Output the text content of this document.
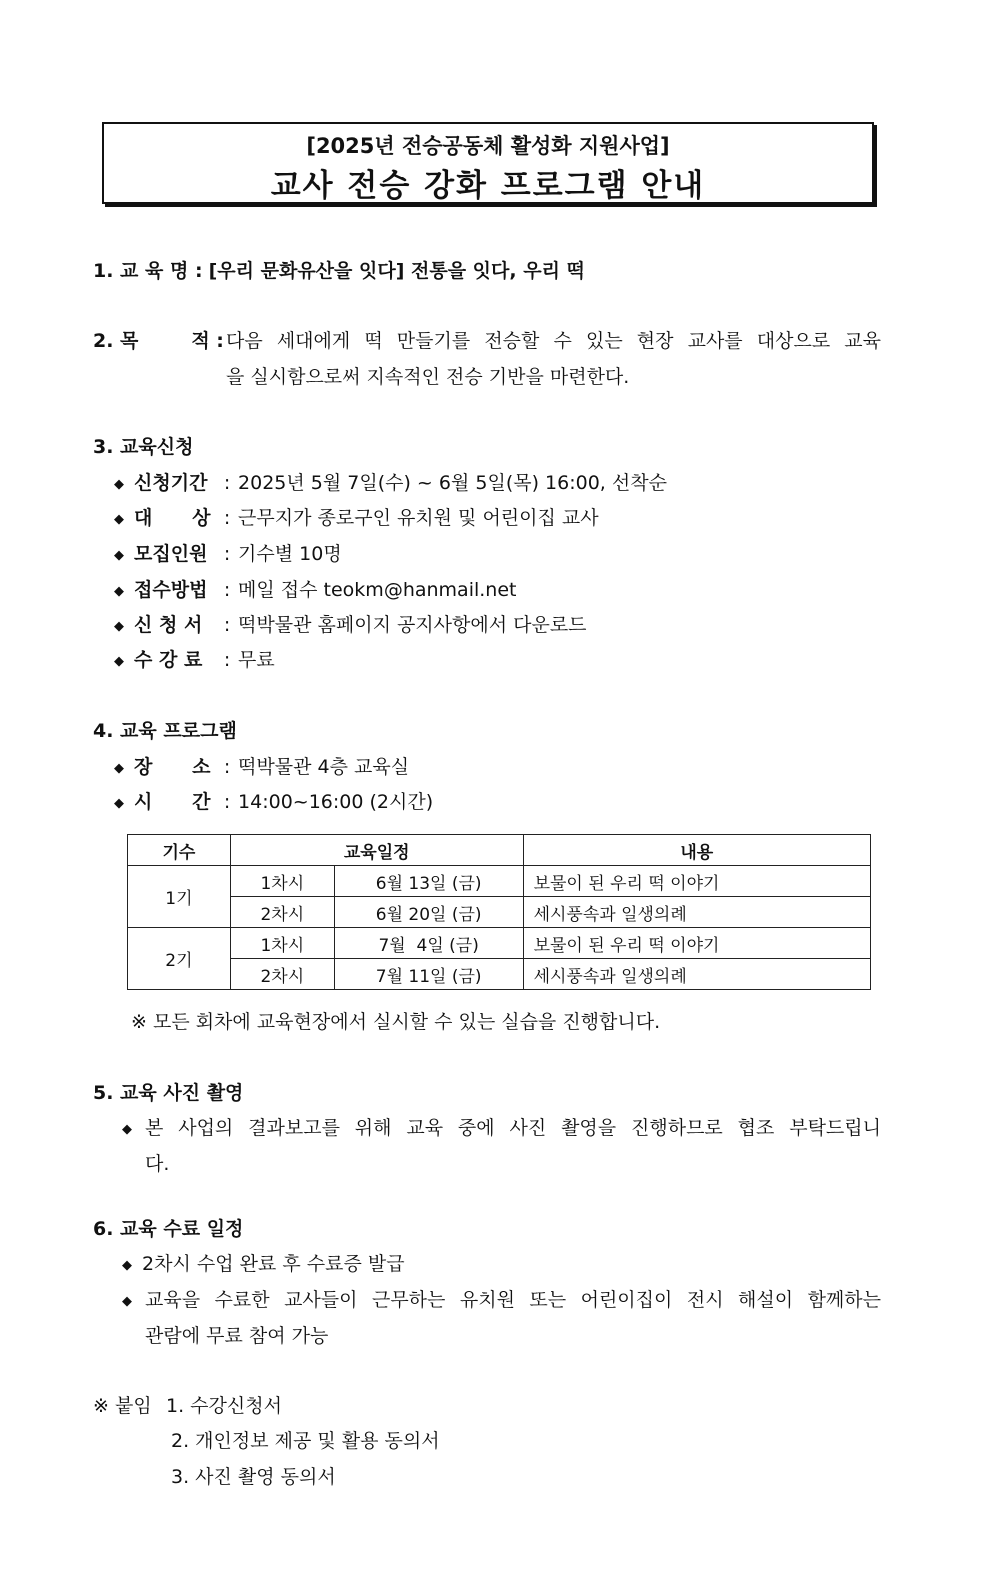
[2025년 전승공동체 활성화 지원사업]
교사 전승 강화 프로그램 안내
1. 교 육 명 : [우리 문화유산을 잇다] 전통을 잇다, 우리 떡
2. 목        적 : 다음 세대에게 떡 만들기를 전승할 수 있는 현장 교사를 대상으로 교육
을 실시함으로써 지속적인 전승 기반을 마련한다.
3. 교육신청
◆ 신청기간 : 2025년 5월 7일(수) ~ 6월 5일(목) 16:00, 선착순
◆ 대      상 : 근무지가 종로구인 유치원 및 어린이집 교사
◆ 모집인원 : 기수별 10명
◆ 접수방법 : 메일 접수 teokm@hanmail.net
◆ 신 청 서 : 떡박물관 홈페이지 공지사항에서 다운로드
◆ 수 강 료 : 무료
4. 교육 프로그램
◆ 장      소 : 떡박물관 4층 교육실
◆ 시      간 : 14:00~16:00 (2시간)
기수	교육일정		내용
1기	1차시	6월 13일 (금)	보물이 된 우리 떡 이야기
	2차시	6월 20일 (금)	세시풍속과 일생의례
2기	1차시	7월  4일 (금)	보물이 된 우리 떡 이야기
	2차시	7월 11일 (금)	세시풍속과 일생의례
※ 모든 회차에 교육현장에서 실시할 수 있는 실습을 진행합니다.
5. 교육 사진 촬영
◆ 본 사업의 결과보고를 위해 교육 중에 사진 촬영을 진행하므로 협조 부탁드립니
다.
6. 교육 수료 일정
◆ 2차시 수업 완료 후 수료증 발급
◆ 교육을 수료한 교사들이 근무하는 유치원 또는 어린이집이 전시 해설이 함께하는
관람에 무료 참여 가능
※ 붙임 1. 수강신청서
2. 개인정보 제공 및 활용 동의서
3. 사진 촬영 동의서
